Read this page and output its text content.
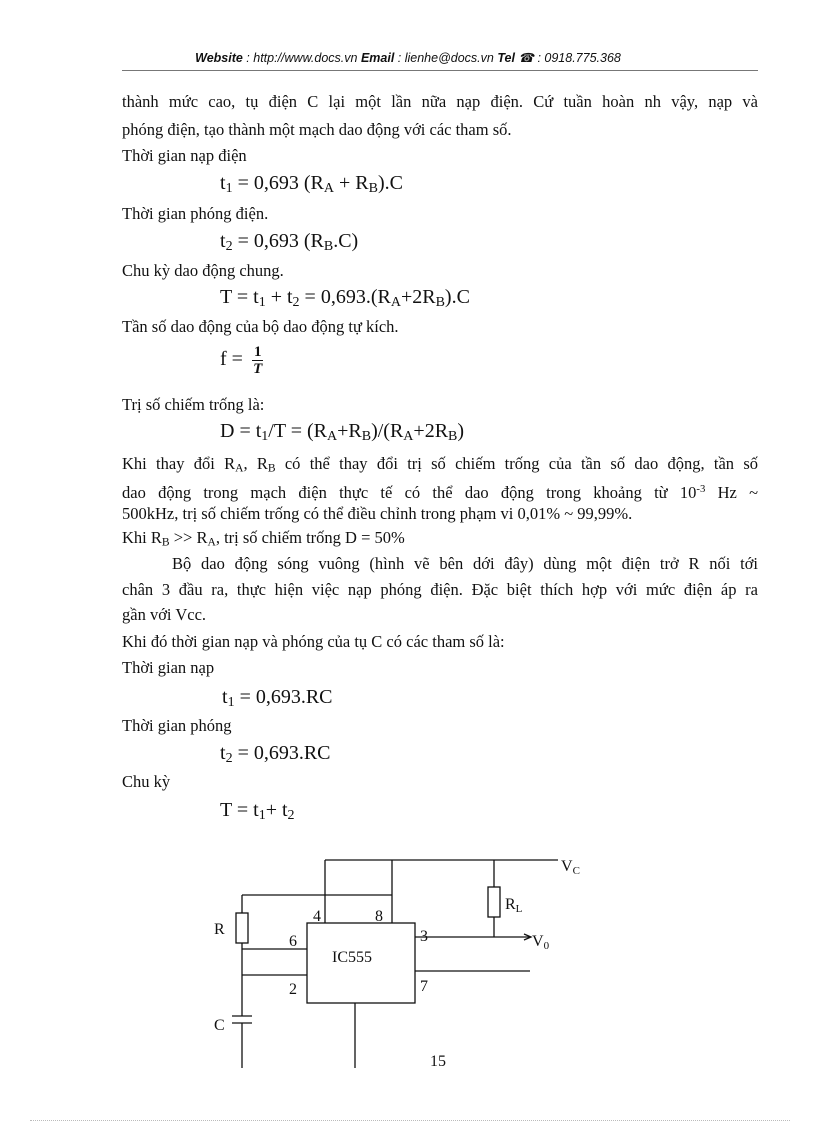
Website : http://www.docs.vn Email : lienhe@docs.vn Tel ☎ : 0918.775.368
thành mức cao, tụ điện C lại một lần nữa nạp điện. Cứ tuần hoàn nh vậy, nạp và
phóng điện, tạo thành một mạch dao động với các tham số.
Thời gian nạp điện
t1 = 0,693 (RA + RB).C
Thời gian phóng điện.
t2 = 0,693 (RB.C)
Chu kỳ dao động chung.
T = t1 + t2 = 0,693.(RA+2RB).C
Tần số dao động của bộ dao động tự kích.
$f = \frac{1}{T}$
Trị số chiếm trống là:
D = t1/T = (RA+RB)/(RA+2RB)
Khi thay đổi $R_A$, $R_B$ có thể thay đổi trị số chiếm trống của tần số dao động, tần số
dao động trong mạch điện thực tế có thể dao động trong khoảng từ $10^{-3}$ Hz ~
500kHz, trị số chiếm trống có thể điều chỉnh trong phạm vi 0,01% ~ 99,99%.
Khi $R_B >> R_A$, trị số chiếm trống D = 50%
Bộ dao động sóng vuông (hình vẽ bên dới đây) dùng một điện trở R nối tới
chân 3 đầu ra, thực hiện việc nạp phóng điện. Đặc biệt thích hợp với mức điện áp ra
gần với Vcc.
Khi đó thời gian nạp và phóng của tụ C có các tham số là:
Thời gian nạp
t1 = 0,693.RC
Thời gian phóng
t2 = 0,693.RC
Chu kỳ
T = t1+ t2
VC
RL
V0
R
C
IC555
4	8
6	3
2	7
15
